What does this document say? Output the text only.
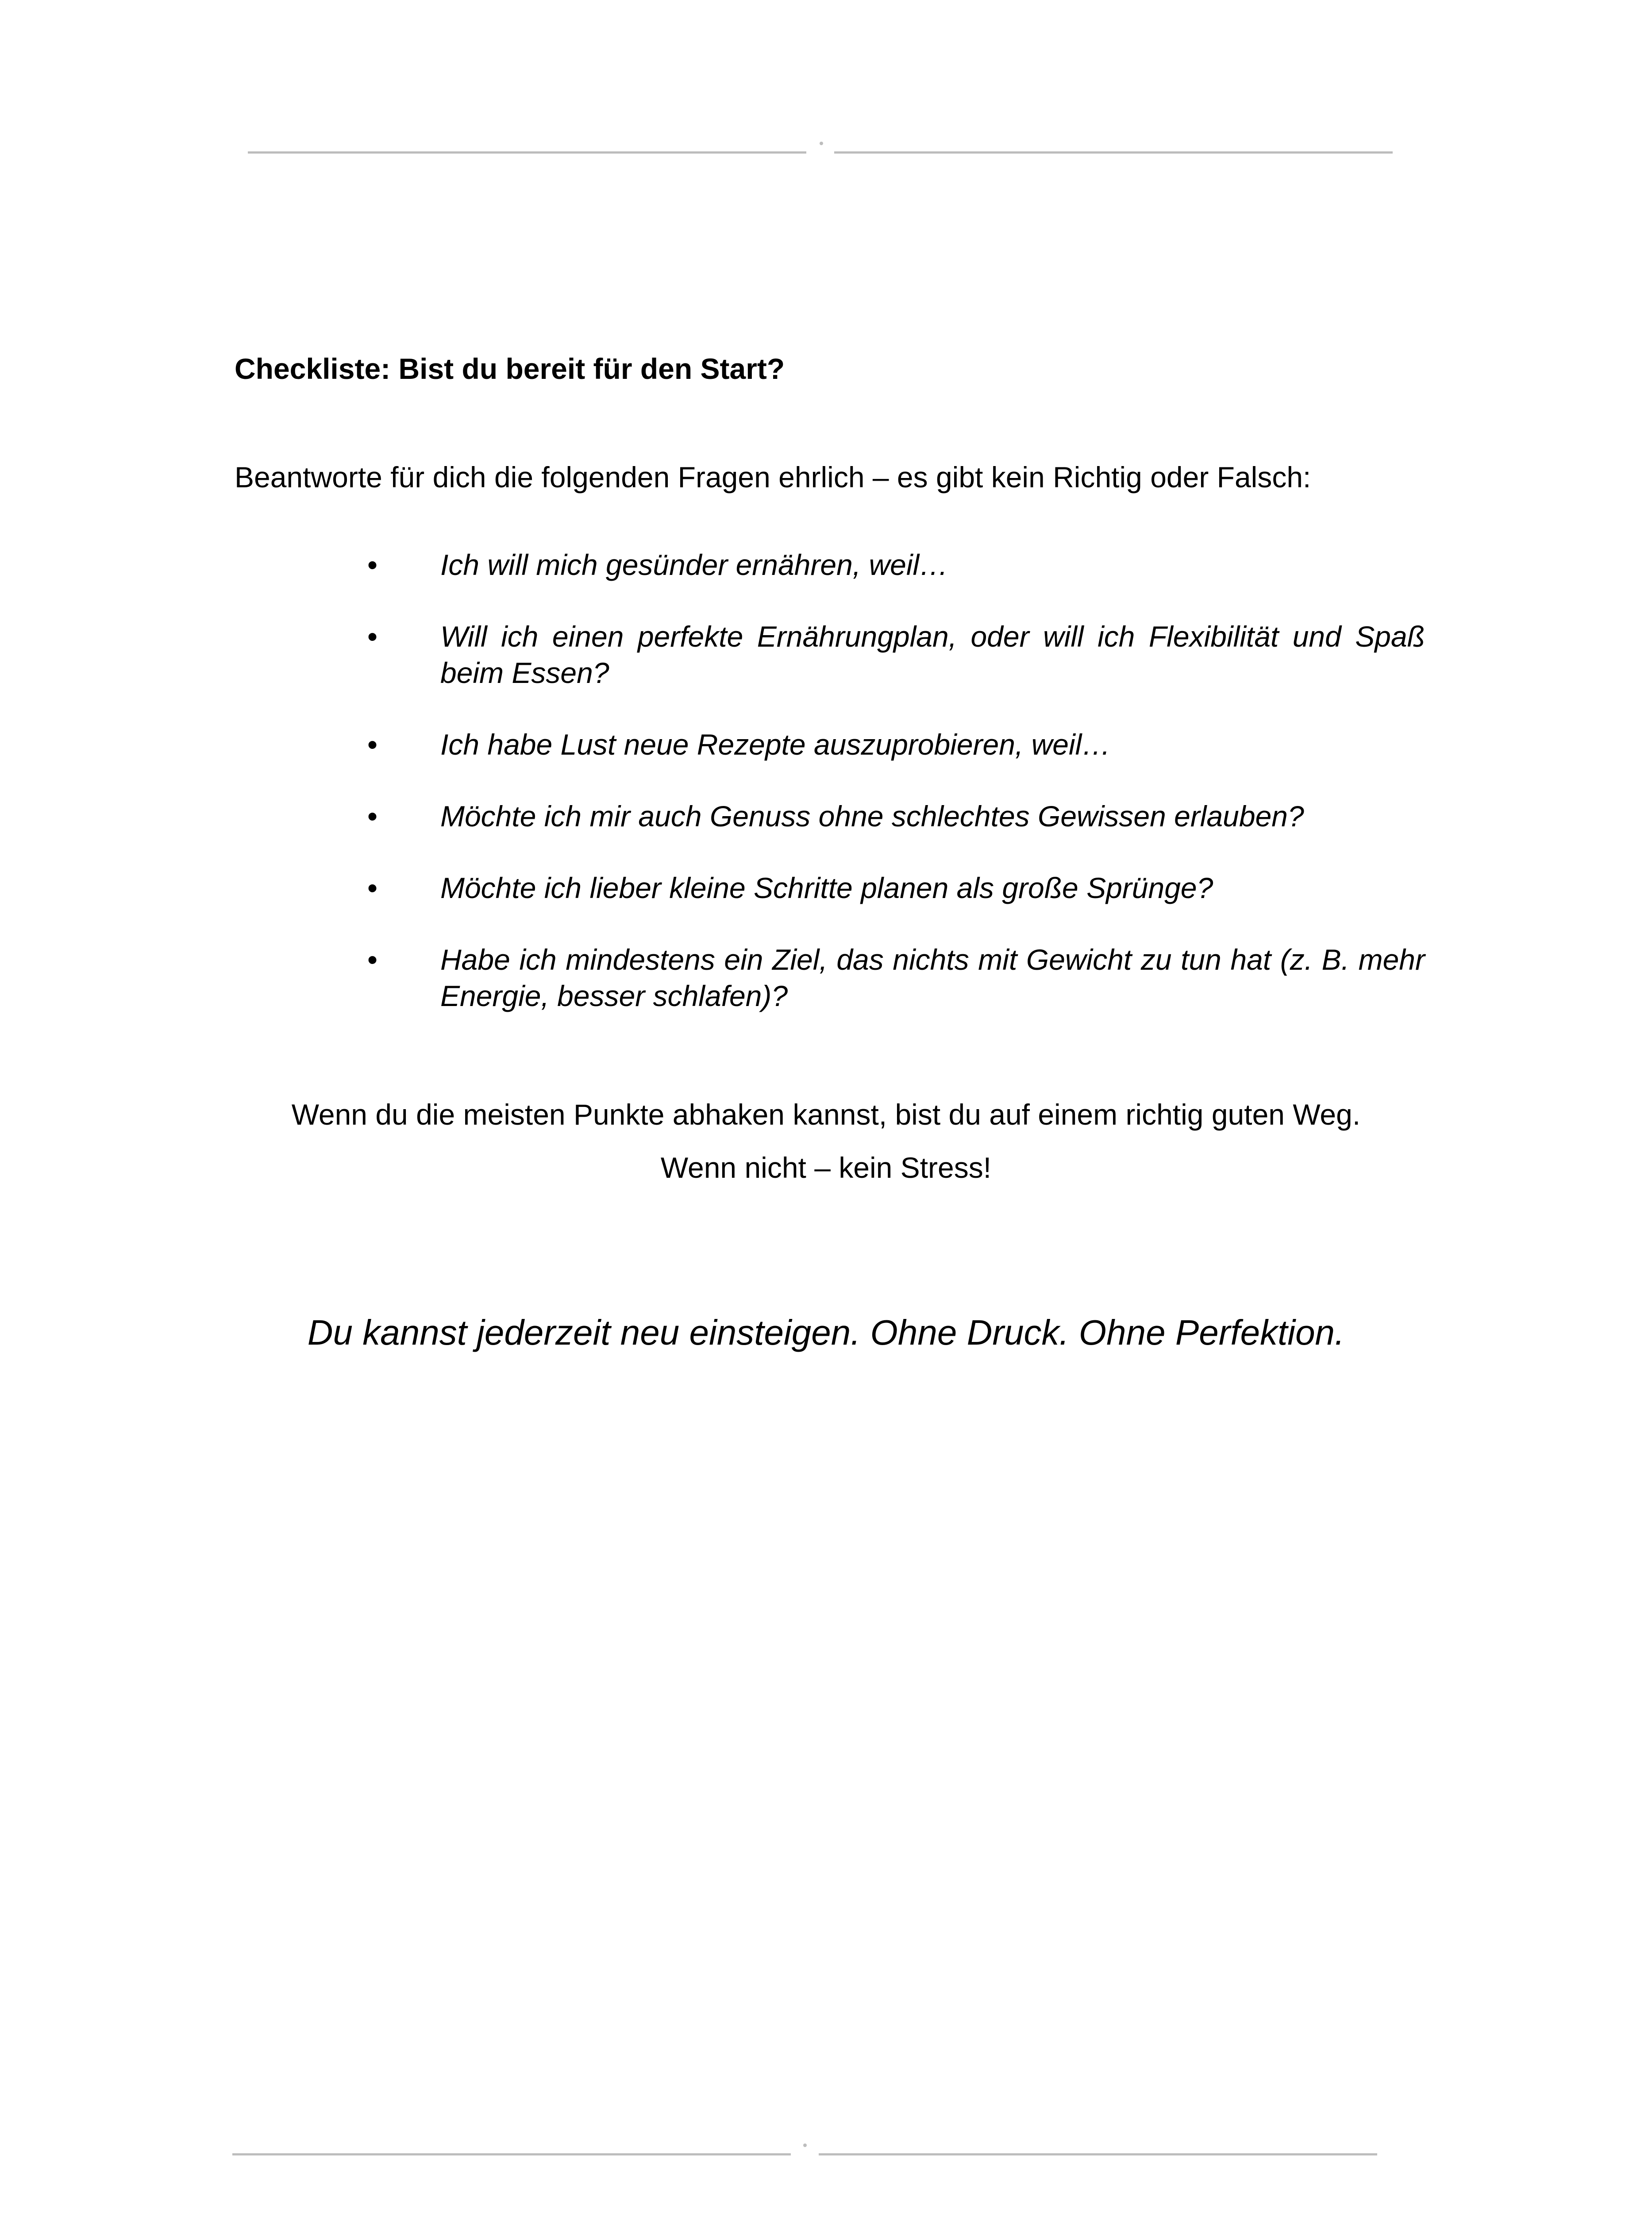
Checkliste: Bist du bereit für den Start?

Beantworte für dich die folgenden Fragen ehrlich – es gibt kein Richtig oder Falsch:

• Ich will mich gesünder ernähren, weil…
• Will ich einen perfekte Ernährungplan, oder will ich Flexibilität und Spaß beim Essen?
• Ich habe Lust neue Rezepte auszuprobieren, weil…
• Möchte ich mir auch Genuss ohne schlechtes Gewissen erlauben?
• Möchte ich lieber kleine Schritte planen als große Sprünge?
• Habe ich mindestens ein Ziel, das nichts mit Gewicht zu tun hat (z. B. mehr Energie, besser schlafen)?

Wenn du die meisten Punkte abhaken kannst, bist du auf einem richtig guten Weg.

Wenn nicht – kein Stress!

Du kannst jederzeit neu einsteigen. Ohne Druck. Ohne Perfektion.
